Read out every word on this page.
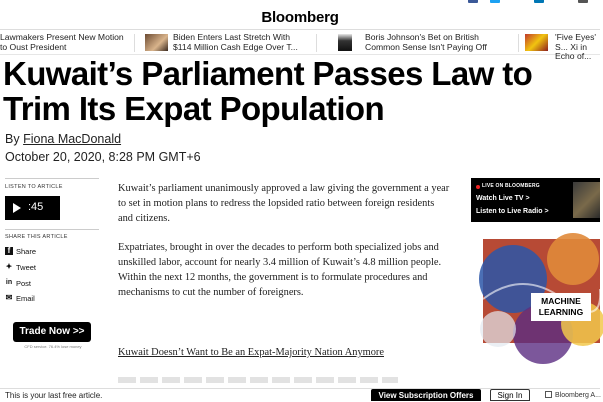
Bloomberg
Lawmakers Present New Motion to Oust President
Biden Enters Last Stretch With $114 Million Cash Edge Over T...
Boris Johnson's Bet on British Common Sense Isn't Paying Off
'Five Eyes' S... Xi in Echo of...
Kuwait’s Parliament Passes Law to Trim Its Expat Population
By Fiona MacDonald
October 20, 2020, 8:28 PM GMT+6
LISTEN TO ARTICLE
:45
SHARE THIS ARTICLE
f Share
✦ Tweet
in Post
✉ Email
Trade Now >>
CFD service. 76.4% lose money

Kuwait’s parliament unanimously approved a law giving the government a year to set in motion plans to redress the lopsided ratio between foreign residents and citizens.

Expatriates, brought in over the decades to perform both specialized jobs and unskilled labor, account for nearly 3.4 million of Kuwait’s 4.8 million people. Within the next 12 months, the government is to formulate procedures and mechanisms to cut the number of foreigners.

Kuwait Doesn’t Want to Be an Expat-Majority Nation Anymore
LIVE ON BLOOMBERG
Watch Live TV >
Listen to Live Radio >
MACHINE LEARNING
This is your last free article.	View Subscription Offers	Sign In	Bloomberg A...
